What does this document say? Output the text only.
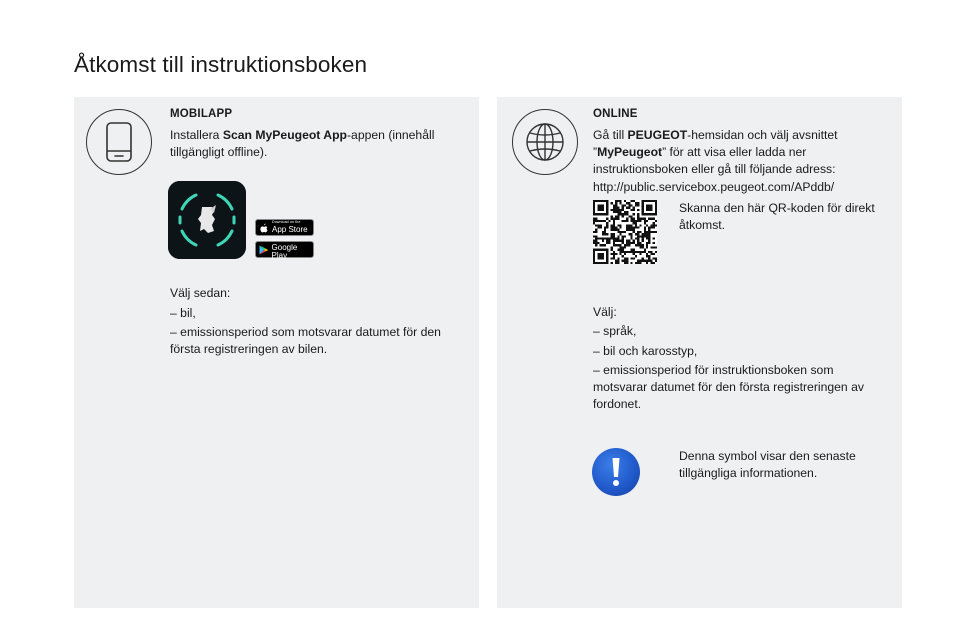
Åtkomst till instruktionsboken
MOBILAPP
Installera Scan MyPeugeot App-appen (innehåll tillgängligt offline).
Download on the
App Store
GET IT ON
Google Play
Välj sedan:
– bil,
– emissionsperiod som motsvarar datumet för den första registreringen av bilen.
ONLINE
Gå till PEUGEOT-hemsidan och välj avsnittet ”MyPeugeot” för att visa eller ladda ner instruktionsboken eller gå till följande adress:
http://public.servicebox.peugeot.com/APddb/
Skanna den här QR-koden för direkt åtkomst.
Välj:
– språk,
– bil och karosstyp,
– emissionsperiod för instruktionsboken som motsvarar datumet för den första registreringen av fordonet.
Denna symbol visar den senaste tillgängliga informationen.
